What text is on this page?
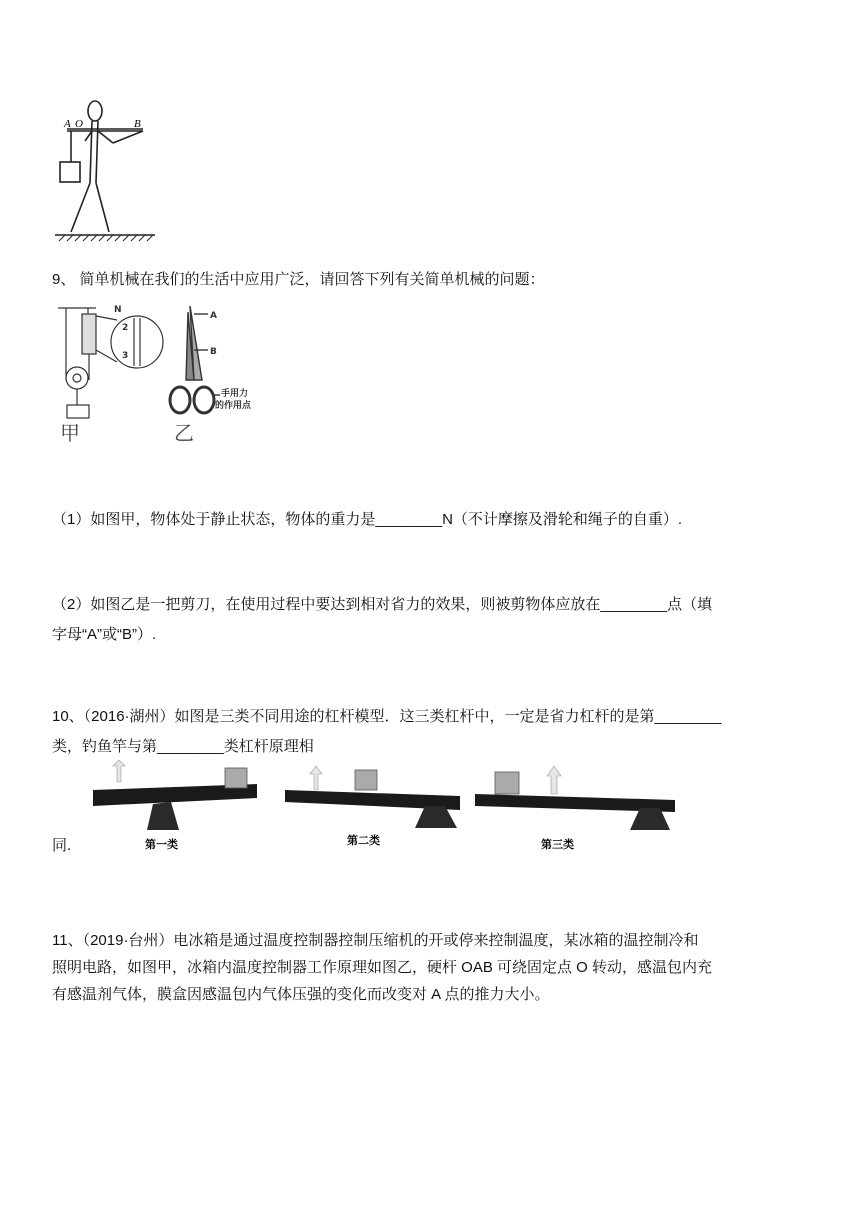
A O	B
9、 简单机械在我们的生活中应用广泛，请回答下列有关简单机械的问题：
N
2
3
甲
A
B
手用力
的作用点
乙
（1）如图甲，物体处于静止状态，物体的重力是________N（不计摩擦及滑轮和绳子的自重）.
（2）如图乙是一把剪刀，在使用过程中要达到相对省力的效果，则被剪物体应放在________点（填
字母“A”或“B”）.
10、（2016·湖州）如图是三类不同用途的杠杆模型．这三类杠杆中，一定是省力杠杆的是第________
类，钓鱼竿与第________类杠杆原理相
第一类	第二类	第三类
同.
11、（2019·台州）电冰箱是通过温度控制器控制压缩机的开或停来控制温度，某冰箱的温控制冷和
照明电路，如图甲，冰箱内温度控制器工作原理如图乙，硬杆 OAB 可绕固定点 O 转动，感温包内充
有感温剂气体，膜盒因感温包内气体压强的变化而改变对 A 点的推力大小。
